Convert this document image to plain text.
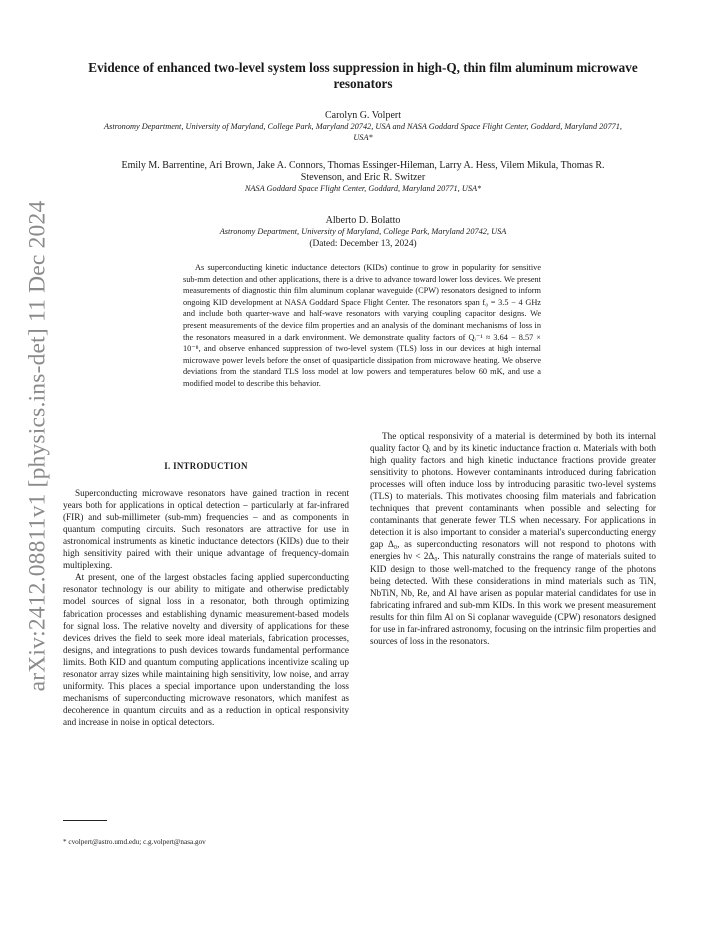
arXiv:2412.08811v1 [physics.ins-det] 11 Dec 2024
Evidence of enhanced two-level system loss suppression in high-Q, thin film aluminum microwave resonators
Carolyn G. Volpert
Astronomy Department, University of Maryland, College Park, Maryland 20742, USA and NASA Goddard Space Flight Center, Goddard, Maryland 20771, USA*
Emily M. Barrentine, Ari Brown, Jake A. Connors, Thomas Essinger-Hileman, Larry A. Hess, Vilem Mikula, Thomas R. Stevenson, and Eric R. Switzer
NASA Goddard Space Flight Center, Goddard, Maryland 20771, USA*
Alberto D. Bolatto
Astronomy Department, University of Maryland, College Park, Maryland 20742, USA
(Dated: December 13, 2024)
As superconducting kinetic inductance detectors (KIDs) continue to grow in popularity for sensitive sub-mm detection and other applications, there is a drive to advance toward lower loss devices. We present measurements of diagnostic thin film aluminum coplanar waveguide (CPW) resonators designed to inform ongoing KID development at NASA Goddard Space Flight Center. The resonators span f₀ = 3.5 − 4 GHz and include both quarter-wave and half-wave resonators with varying coupling capacitor designs. We present measurements of the device film properties and an analysis of the dominant mechanisms of loss in the resonators measured in a dark environment. We demonstrate quality factors of Qᵢ⁻¹ ≈ 3.64 − 8.57 × 10⁻⁸, and observe enhanced suppression of two-level system (TLS) loss in our devices at high internal microwave power levels before the onset of quasiparticle dissipation from microwave heating. We observe deviations from the standard TLS loss model at low powers and temperatures below 60 mK, and use a modified model to describe this behavior.
I. INTRODUCTION

Superconducting microwave resonators have gained traction in recent years both for applications in optical detection – particularly at far-infrared (FIR) and sub-millimeter (sub-mm) frequencies – and as components in quantum computing circuits. Such resonators are attractive for use in astronomical instruments as kinetic inductance detectors (KIDs) due to their high sensitivity paired with their unique advantage of frequency-domain multiplexing.

At present, one of the largest obstacles facing applied superconducting resonator technology is our ability to mitigate and otherwise predictably model sources of signal loss in a resonator, both through optimizing fabrication processes and establishing dynamic measurement-based models for signal loss. The relative novelty and diversity of applications for these devices drives the field to seek more ideal materials, fabrication processes, designs, and integrations to push devices towards fundamental performance limits. Both KID and quantum computing applications incentivize scaling up resonator array sizes while maintaining high sensitivity, low noise, and array uniformity. This places a special importance upon understanding the loss mechanisms of superconducting microwave resonators, which manifest as decoherence in quantum circuits and as a reduction in optical responsivity and increase in noise in optical detectors.

The optical responsivity of a material is determined by both its internal quality factor Qᵢ and by its kinetic inductance fraction α. Materials with both high quality factors and high kinetic inductance fractions provide greater sensitivity to photons. However contaminants introduced during fabrication processes will often induce loss by introducing parasitic two-level systems (TLS) to materials. This motivates choosing film materials and fabrication techniques that prevent contaminants when possible and selecting for contaminants that generate fewer TLS when necessary. For applications in detection it is also important to consider a material's superconducting energy gap Δ₀, as superconducting resonators will not respond to photons with energies hν < 2Δ₀. This naturally constrains the range of materials suited to KID design to those well-matched to the frequency range of the photons being detected. With these considerations in mind materials such as TiN, NbTiN, Nb, Re, and Al have arisen as popular material candidates for use in fabricating infrared and sub-mm KIDs. In this work we present measurement results for thin film Al on Si coplanar waveguide (CPW) resonators designed for use in far-infrared astronomy, focusing on the intrinsic film properties and sources of loss in the resonators.

* cvolpert@astro.umd.edu; c.g.volpert@nasa.gov
